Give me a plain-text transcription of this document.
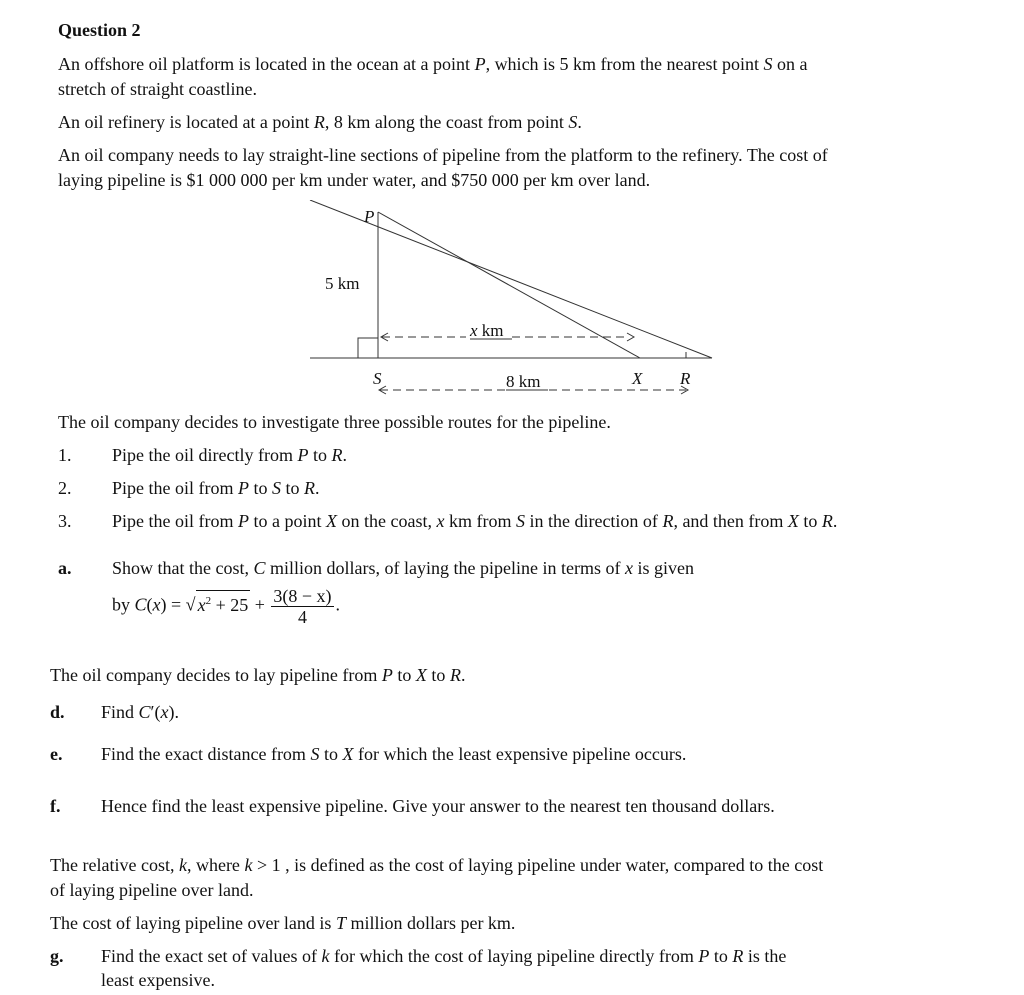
Question 2
An offshore oil platform is located in the ocean at a point P, which is 5 km from the nearest point S on a
stretch of straight coastline.
An oil refinery is located at a point R, 8 km along the coast from point S.
An oil company needs to lay straight-line sections of pipeline from the platform to the refinery. The cost of
laying pipeline is $1 000 000 per km under water, and $750 000 per km over land.
P
5 km
x km
S	X R
8 km
The oil company decides to investigate three possible routes for the pipeline.
1. Pipe the oil directly from P to R.
2. Pipe the oil from P to S to R.
3. Pipe the oil from P to a point X on the coast, x km from S in the direction of R, and then from X to R.
a. Show that the cost, C million dollars, of laying the pipeline in terms of x is given
by C(x) = √ $x^2 + 25 + \frac{3(8 - x)}{4}$ .
The oil company decides to lay pipeline from P to X to R.
d. Find C′(x).
e. Find the exact distance from S to X for which the least expensive pipeline occurs.
f. Hence find the least expensive pipeline. Give your answer to the nearest ten thousand dollars.
The relative cost, k, where k > 1 , is defined as the cost of laying pipeline under water, compared to the cost
of laying pipeline over land.
The cost of laying pipeline over land is T million dollars per km.
g. Find the exact set of values of k for which the cost of laying pipeline directly from P to R is the
least expensive.
